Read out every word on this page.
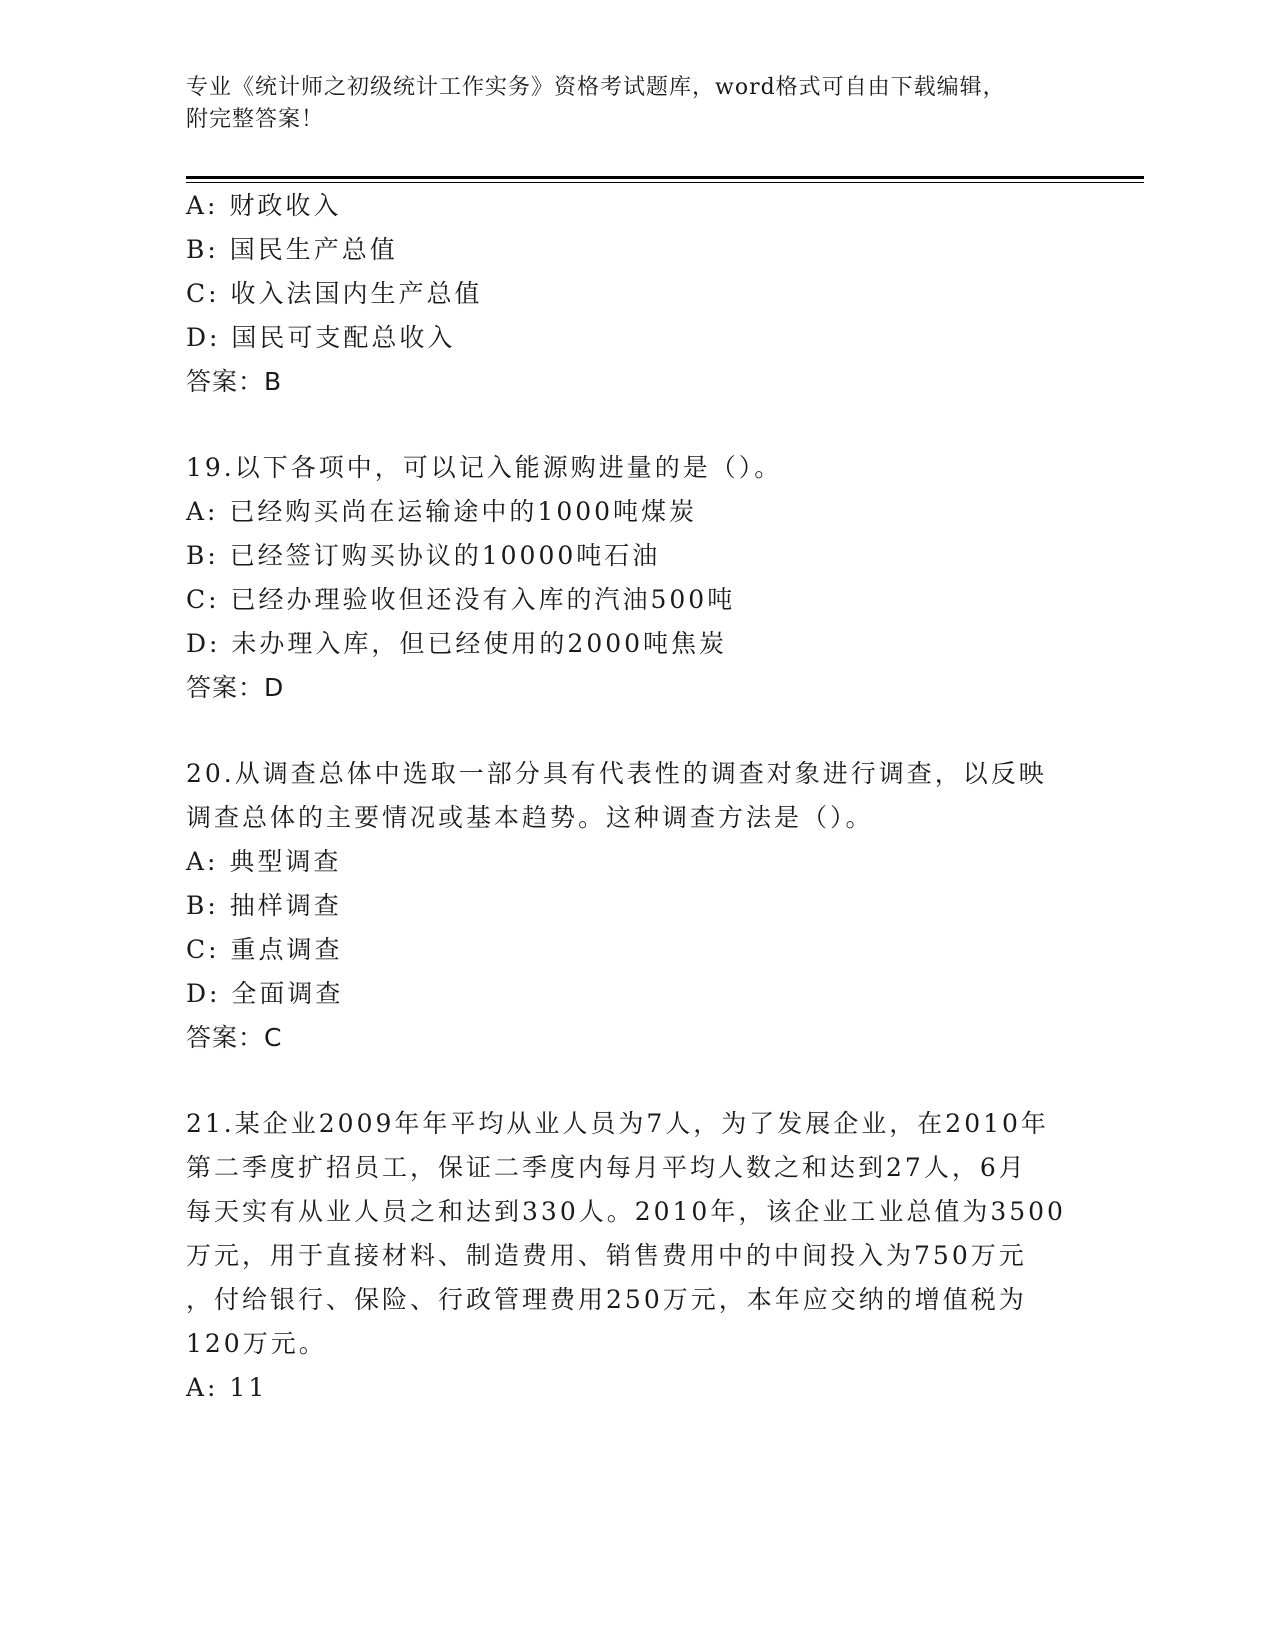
专业《统计师之初级统计工作实务》资格考试题库，word格式可自由下载编辑，
附完整答案！
A: 财政收入
B: 国民生产总值
C: 收入法国内生产总值
D: 国民可支配总收入
答案：B
19.以下各项中，可以记入能源购进量的是（）。
A: 已经购买尚在运输途中的1000吨煤炭
B: 已经签订购买协议的10000吨石油
C: 已经办理验收但还没有入库的汽油500吨
D: 未办理入库，但已经使用的2000吨焦炭
答案：D
20.从调查总体中选取一部分具有代表性的调查对象进行调查，以反映
调查总体的主要情况或基本趋势。这种调查方法是（）。
A: 典型调查
B: 抽样调查
C: 重点调查
D: 全面调查
答案：C
21.某企业2009年年平均从业人员为7人，为了发展企业，在2010年
第二季度扩招员工，保证二季度内每月平均人数之和达到27人，6月
每天实有从业人员之和达到330人。2010年，该企业工业总值为3500
万元，用于直接材料、制造费用、销售费用中的中间投入为750万元
，付给银行、保险、行政管理费用250万元，本年应交纳的增值税为
120万元。
A: 11
